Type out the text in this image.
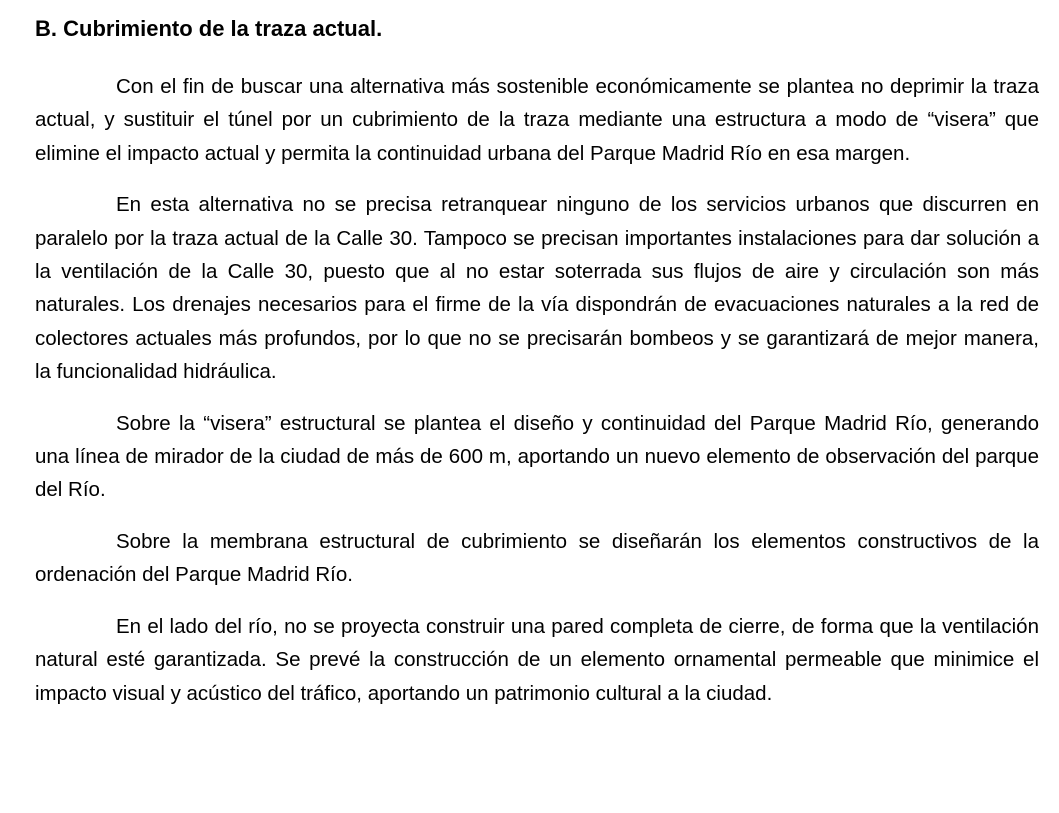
B. Cubrimiento de la traza actual.

Con el fin de buscar una alternativa más sostenible económicamente se plantea no deprimir la traza actual, y sustituir el túnel por un cubrimiento de la traza mediante una estructura a modo de “visera” que elimine el impacto actual y permita la continuidad urbana del Parque Madrid Río en esa margen.

En esta alternativa no se precisa retranquear ninguno de los servicios urbanos que discurren en paralelo por la traza actual de la Calle 30. Tampoco se precisan importantes instalaciones para dar solución a la ventilación de la Calle 30, puesto que al no estar soterrada sus flujos de aire y circulación son más naturales. Los drenajes necesarios para el firme de la vía dispondrán de evacuaciones naturales a la red de colectores actuales más profundos, por lo que no se precisarán bombeos y se garantizará de mejor manera, la funcionalidad hidráulica.

Sobre la “visera” estructural se plantea el diseño y continuidad del Parque Madrid Río, generando una línea de mirador de la ciudad de más de 600 m, aportando un nuevo elemento de observación del parque del Río.

Sobre la membrana estructural de cubrimiento se diseñarán los elementos constructivos de la ordenación del Parque Madrid Río.

En el lado del río, no se proyecta construir una pared completa de cierre, de forma que la ventilación natural esté garantizada. Se prevé la construcción de un elemento ornamental permeable que minimice el impacto visual y acústico del tráfico, aportando un patrimonio cultural a la ciudad.
